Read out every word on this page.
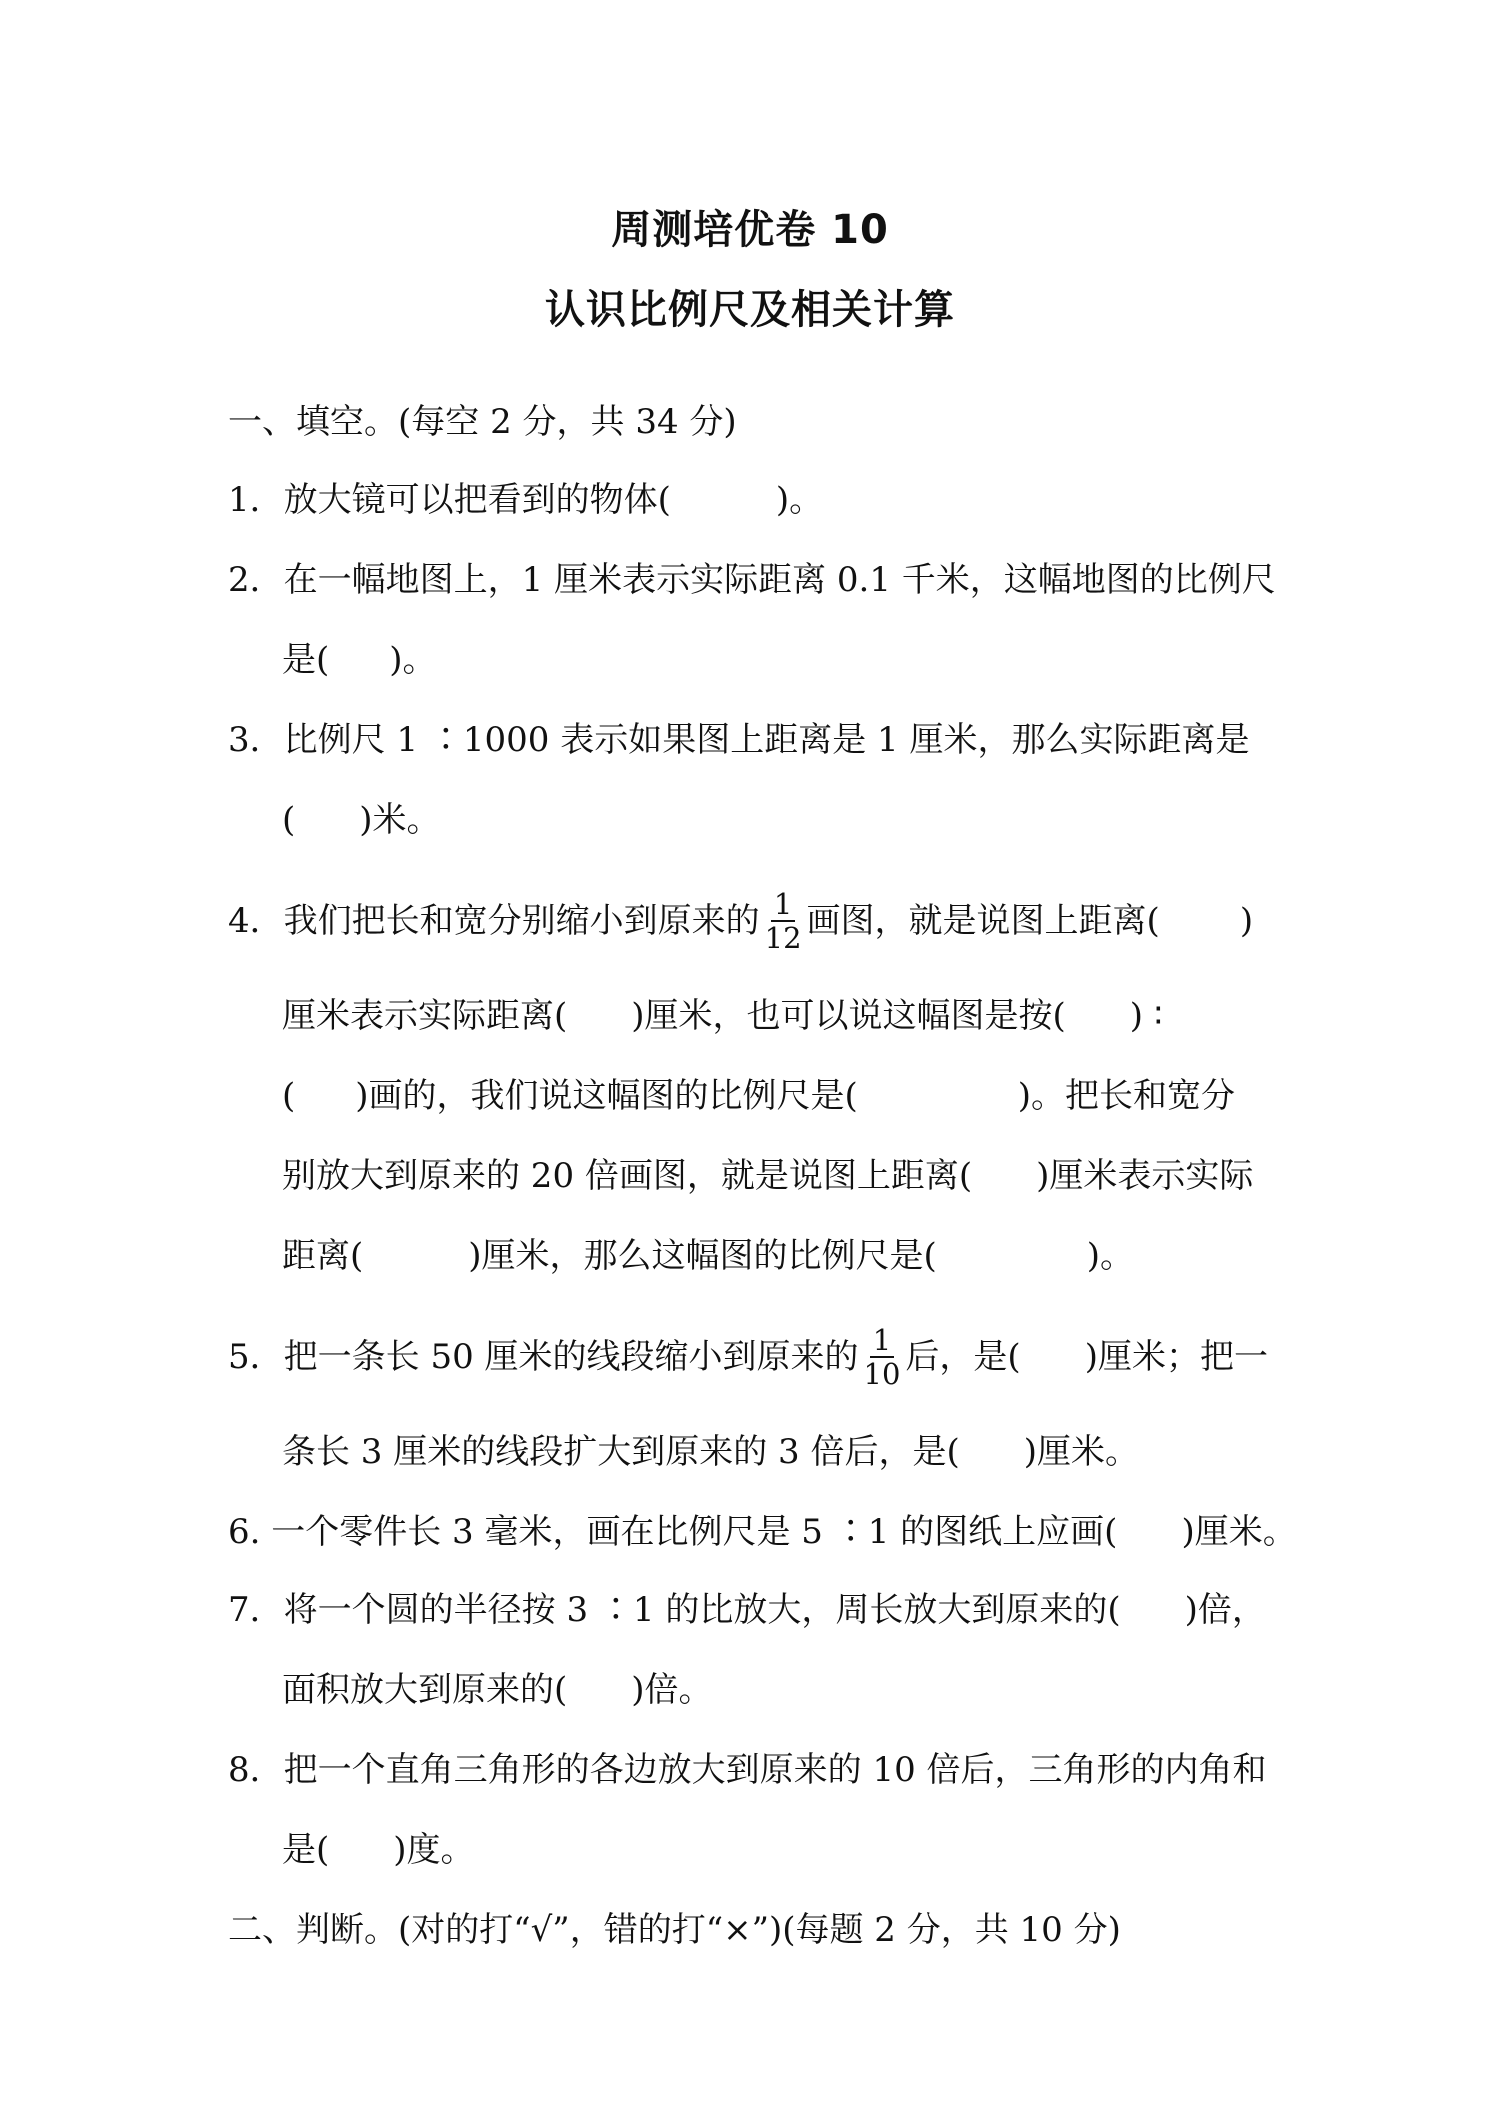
周测培优卷 10
认识比例尺及相关计算
一、填空。(每空 2 分，共 34 分)
1．放大镜可以把看到的物体(	)。
2．在一幅地图上，1 厘米表示实际距离 0.1 千米，这幅地图的比例尺
是( )。
3．比例尺 1 ∶1000 表示如果图上距离是 1 厘米，那么实际距离是
( )米。
4．我们把长和宽分别缩小到原来的 $\frac{1}{12}$ 画图，就是说图上距离( )
厘米表示实际距离( )厘米，也可以说这幅图是按( ) ∶
( )画的，我们说这幅图的比例尺是(	)。把长和宽分
别放大到原来的 20 倍画图，就是说图上距离( )厘米表示实际
距离(	)厘米，那么这幅图的比例尺是(	)。
5．把一条长 50 厘米的线段缩小到原来的 $\frac{1}{10}$ 后，是( )厘米；把一
条长 3 厘米的线段扩大到原来的 3 倍后，是( )厘米。
6. 一个零件长 3 毫米，画在比例尺是 5 ∶1 的图纸上应画( )厘米。
7．将一个圆的半径按 3 ∶1 的比放大，周长放大到原来的( )倍，
面积放大到原来的( )倍。
8．把一个直角三角形的各边放大到原来的 10 倍后，三角形的内角和
是( )度。
二、判断。(对的打“√”，错的打“×”)(每题 2 分，共 10 分)
